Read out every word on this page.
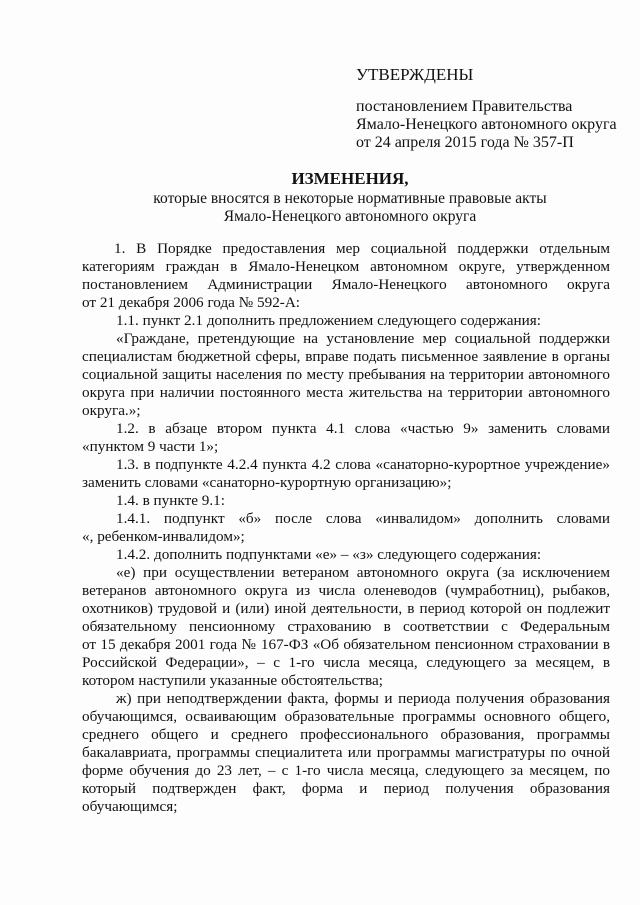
УТВЕРЖДЕНЫ
постановлением Правительства
Ямало-Ненецкого автономного округа
от 24 апреля 2015 года № 357-П
ИЗМЕНЕНИЯ,
которые вносятся в некоторые нормативные правовые акты
Ямало-Ненецкого автономного округа
1. В Порядке предоставления мер социальной поддержки отдельным
категориям граждан в Ямало-Ненецком автономном округе, утвержденном
постановлением Администрации Ямало-Ненецкого автономного округа
от 21 декабря 2006 года № 592-А:
1.1. пункт 2.1 дополнить предложением следующего содержания:
«Граждане, претендующие на установление мер социальной поддержки
специалистам бюджетной сферы, вправе подать письменное заявление в органы
социальной защиты населения по месту пребывания на территории автономного
округа при наличии постоянного места жительства на территории автономного
округа.»;
1.2. в абзаце втором пункта 4.1 слова «частью 9» заменить словами
«пунктом 9 части 1»;
1.3. в подпункте 4.2.4 пункта 4.2 слова «санаторно-курортное учреждение»
заменить словами «санаторно-курортную организацию»;
1.4. в пункте 9.1:
1.4.1. подпункт «б» после слова «инвалидом» дополнить словами
«, ребенком-инвалидом»;
1.4.2. дополнить подпунктами «е» – «з» следующего содержания:
«е) при осуществлении ветераном автономного округа (за исключением
ветеранов автономного округа из числа оленеводов (чумработниц), рыбаков,
охотников) трудовой и (или) иной деятельности, в период которой он подлежит
обязательному пенсионному страхованию в соответствии с Федеральным
от 15 декабря 2001 года № 167-ФЗ «Об обязательном пенсионном страховании в
Российской Федерации», – с 1-го числа месяца, следующего за месяцем, в
котором наступили указанные обстоятельства;
ж) при неподтверждении факта, формы и периода получения образования
обучающимся, осваивающим образовательные программы основного общего,
среднего общего и среднего профессионального образования, программы
бакалавриата, программы специалитета или программы магистратуры по очной
форме обучения до 23 лет, – с 1-го числа месяца, следующего за месяцем, по
который подтвержден факт, форма и период получения образования
обучающимся;
